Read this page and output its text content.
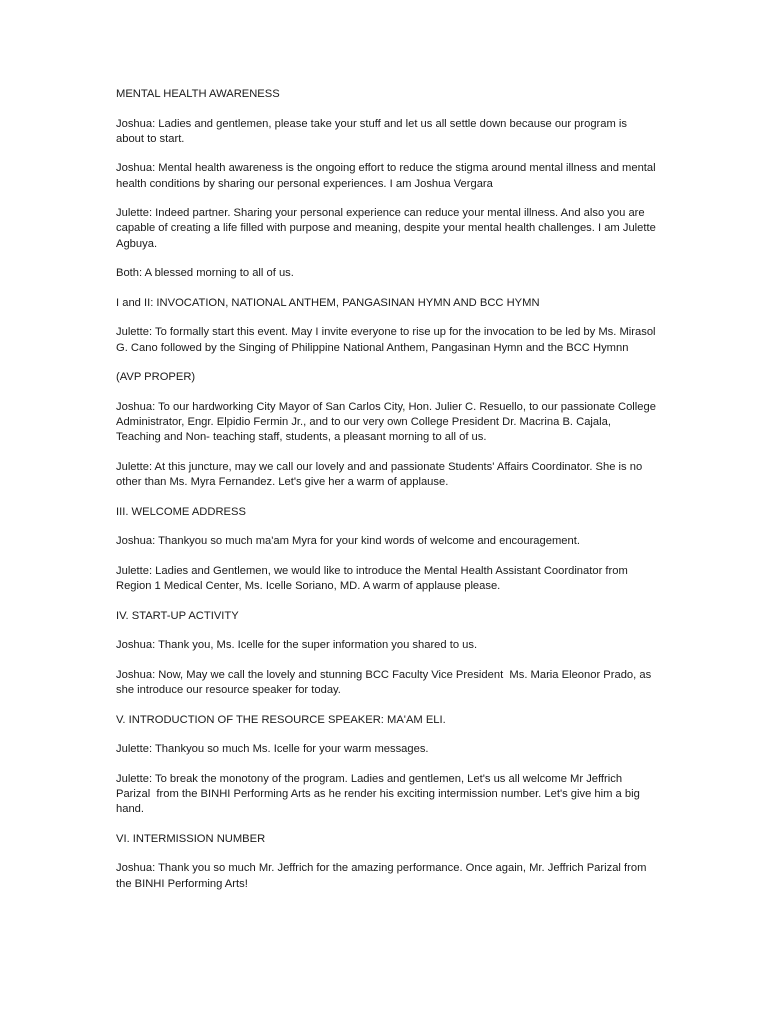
MENTAL HEALTH AWARENESS

Joshua: Ladies and gentlemen, please take your stuff and let us all settle down because our program is about to start.

Joshua: Mental health awareness is the ongoing effort to reduce the stigma around mental illness and mental health conditions by sharing our personal experiences. I am Joshua Vergara

Julette: Indeed partner. Sharing your personal experience can reduce your mental illness. And also you are capable of creating a life filled with purpose and meaning, despite your mental health challenges. I am Julette Agbuya.

Both: A blessed morning to all of us.

I and II: INVOCATION, NATIONAL ANTHEM, PANGASINAN HYMN AND BCC HYMN

Julette: To formally start this event. May I invite everyone to rise up for the invocation to be led by Ms. Mirasol G. Cano followed by the Singing of Philippine National Anthem, Pangasinan Hymn and the BCC Hymnn

(AVP PROPER)

Joshua: To our hardworking City Mayor of San Carlos City, Hon. Julier C. Resuello, to our passionate College Administrator, Engr. Elpidio Fermin Jr., and to our very own College President Dr. Macrina B. Cajala, Teaching and Non- teaching staff, students, a pleasant morning to all of us.

Julette: At this juncture, may we call our lovely and and passionate Students' Affairs Coordinator. She is no other than Ms. Myra Fernandez. Let's give her a warm of applause.

III. WELCOME ADDRESS

Joshua: Thankyou so much ma'am Myra for your kind words of welcome and encouragement.

Julette: Ladies and Gentlemen, we would like to introduce the Mental Health Assistant Coordinator from Region 1 Medical Center, Ms. Icelle Soriano, MD. A warm of applause please.

IV. START-UP ACTIVITY

Joshua: Thank you, Ms. Icelle for the super information you shared to us.

Joshua: Now, May we call the lovely and stunning BCC Faculty Vice President  Ms. Maria Eleonor Prado, as she introduce our resource speaker for today.

V. INTRODUCTION OF THE RESOURCE SPEAKER: MA'AM ELI.

Julette: Thankyou so much Ms. Icelle for your warm messages.

Julette: To break the monotony of the program. Ladies and gentlemen, Let's us all welcome Mr Jeffrich Parizal  from the BINHI Performing Arts as he render his exciting intermission number. Let's give him a big hand.

VI. INTERMISSION NUMBER

Joshua: Thank you so much Mr. Jeffrich for the amazing performance. Once again, Mr. Jeffrich Parizal from the BINHI Performing Arts!
